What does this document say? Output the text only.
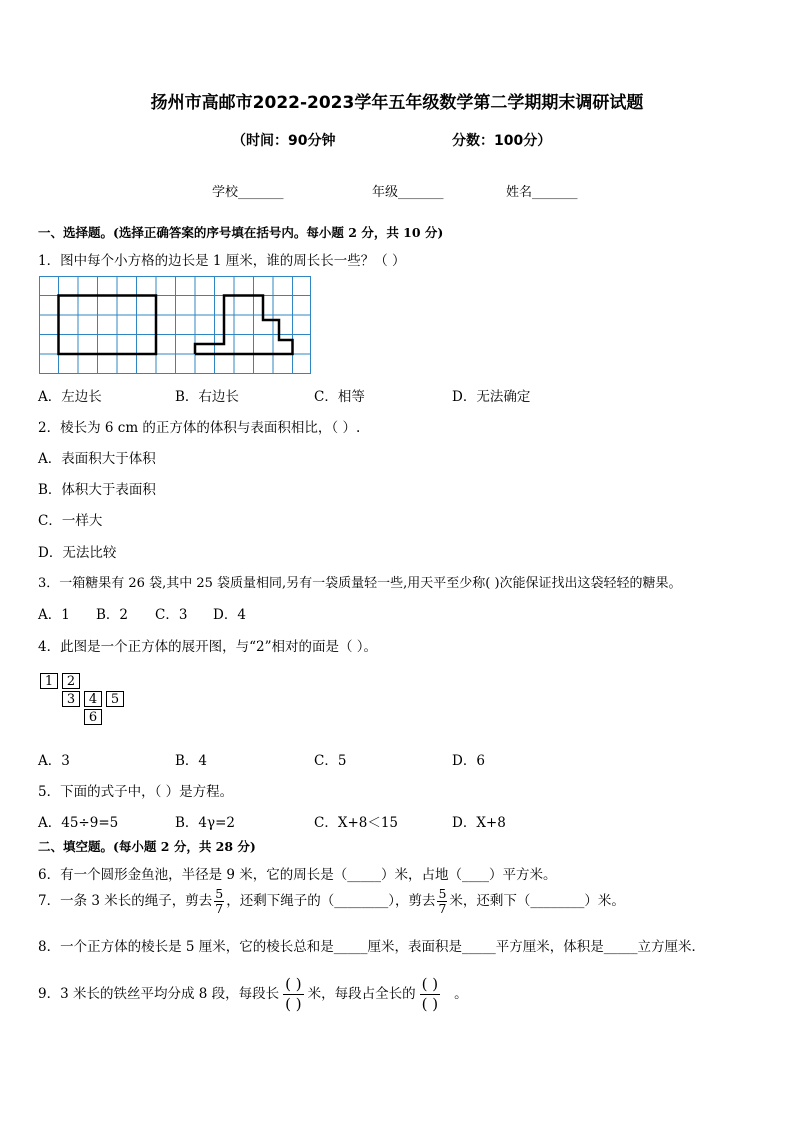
扬州市高邮市2022-2023学年五年级数学第二学期期末调研试题
（时间：90分钟	分数：100分）
学校_______	年级_______	姓名_______
一、选择题。(选择正确答案的序号填在括号内。每小题 2 分，共 10 分)
1．图中每个小方格的边长是 1 厘米，谁的周长长一些？（ ）
A．左边长	B．右边长	C．相等	D．无法确定
2．棱长为 6 cm 的正方体的体积与表面积相比，（ ）.
A．表面积大于体积
B．体积大于表面积
C．一样大
D．无法比较
3．一箱糖果有 26 袋,其中 25 袋质量相同,另有一袋质量轻一些,用天平至少称( )次能保证找出这袋轻轻的糖果。
A．1 B．2 C．3 D．4
4．此图是一个正方体的展开图，与“2”相对的面是（ ）。
1	2
3	4	5
6
A．3	B．4	C．5	D．6
5．下面的式子中，（ ）是方程。
A．45÷9=5	B．4γ=2	C．X+8＜15	D．X+8
二、填空题。(每小题 2 分，共 28 分)
6．有一个圆形金鱼池，半径是 9 米，它的周长是（_____）米，占地（____）平方米。
7．一条 3 米长的绳子，剪去 $\frac{5}{7}$ ，还剩下绳子的（________），剪去 $\frac{5}{7}$ 米，还剩下（________）米。
8．一个正方体的棱长是 5 厘米，它的棱长总和是_____厘米，表面积是_____平方厘米，体积是_____立方厘米．
9．3 米长的铁丝平均分成 8 段，每段长
( )
( )
米，每段占全长的
( )
( )
。
